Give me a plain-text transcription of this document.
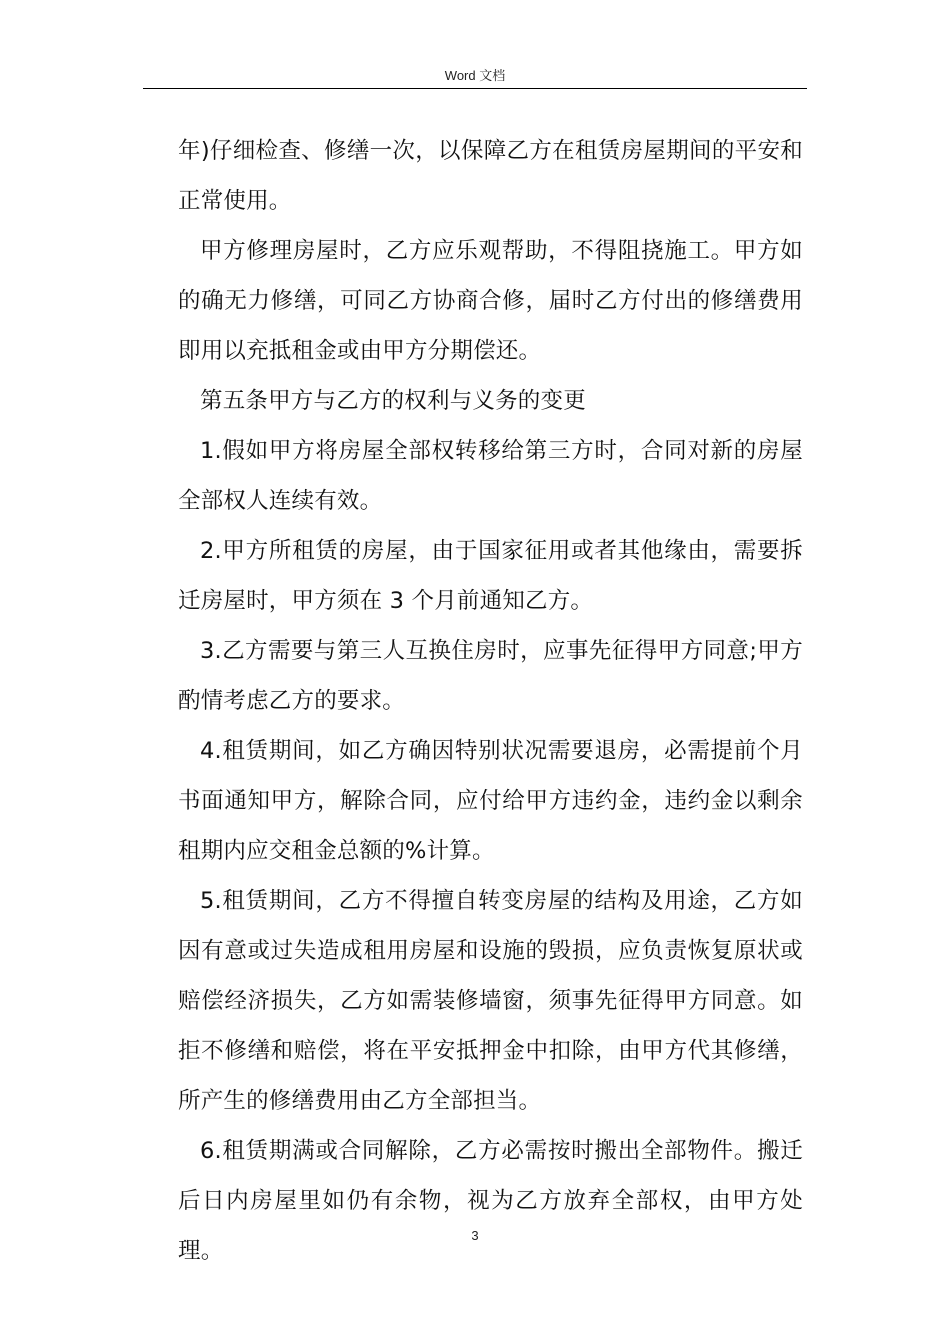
Word 文档

年)仔细检查、修缮一次，以保障乙方在租赁房屋期间的平安和正常使用。

甲方修理房屋时，乙方应乐观帮助，不得阻挠施工。甲方如的确无力修缮，可同乙方协商合修，届时乙方付出的修缮费用即用以充抵租金或由甲方分期偿还。

第五条甲方与乙方的权利与义务的变更

1.假如甲方将房屋全部权转移给第三方时，合同对新的房屋全部权人连续有效。

2.甲方所租赁的房屋，由于国家征用或者其他缘由，需要拆迁房屋时，甲方须在 3 个月前通知乙方。

3.乙方需要与第三人互换住房时，应事先征得甲方同意;甲方酌情考虑乙方的要求。

4.租赁期间，如乙方确因特别状况需要退房，必需提前个月书面通知甲方，解除合同，应付给甲方违约金，违约金以剩余租期内应交租金总额的%计算。

5.租赁期间，乙方不得擅自转变房屋的结构及用途，乙方如因有意或过失造成租用房屋和设施的毁损，应负责恢复原状或赔偿经济损失，乙方如需装修墙窗，须事先征得甲方同意。如拒不修缮和赔偿，将在平安抵押金中扣除，由甲方代其修缮，所产生的修缮费用由乙方全部担当。

6.租赁期满或合同解除，乙方必需按时搬出全部物件。搬迁后日内房屋里如仍有余物，视为乙方放弃全部权，由甲方处理。

3
